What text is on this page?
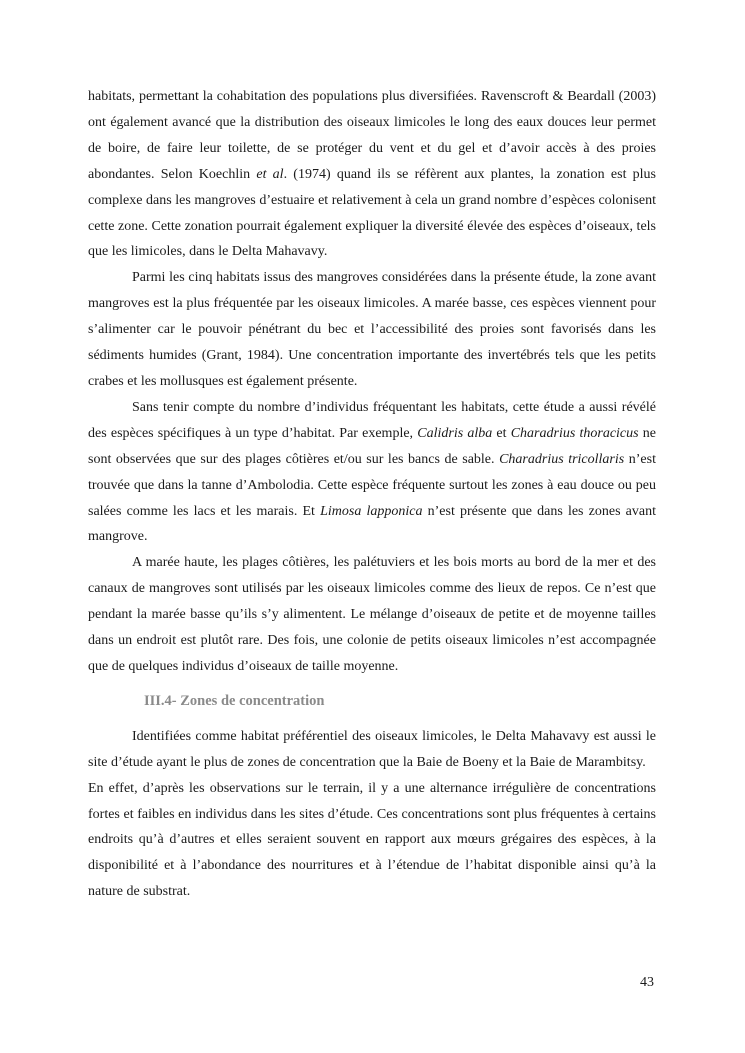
habitats, permettant la cohabitation des populations plus diversifiées. Ravenscroft & Beardall (2003) ont également avancé que la distribution des oiseaux limicoles le long des eaux douces leur permet de boire, de faire leur toilette, de se protéger du vent et du gel et d’avoir accès à des proies abondantes. Selon Koechlin et al. (1974) quand ils se réfèrent aux plantes, la zonation est plus complexe dans les mangroves d’estuaire et relativement à cela un grand nombre d’espèces colonisent cette zone. Cette zonation pourrait également expliquer la diversité élevée des espèces d’oiseaux, tels que les limicoles, dans le Delta Mahavavy.

Parmi les cinq habitats issus des mangroves considérées dans la présente étude, la zone avant mangroves est la plus fréquentée par les oiseaux limicoles. A marée basse, ces espèces viennent pour s’alimenter car le pouvoir pénétrant du bec et l’accessibilité des proies sont favorisés dans les sédiments humides (Grant, 1984). Une concentration importante des invertébrés tels que les petits crabes et les mollusques est également présente.

Sans tenir compte du nombre d’individus fréquentant les habitats, cette étude a aussi révélé des espèces spécifiques à un type d’habitat. Par exemple, Calidris alba et Charadrius thoracicus ne sont observées que sur des plages côtières et/ou sur les bancs de sable. Charadrius tricollaris n’est trouvée que dans la tanne d’Ambolodia. Cette espèce fréquente surtout les zones à eau douce ou peu salées comme les lacs et les marais. Et Limosa lapponica n’est présente que dans les zones avant mangrove.

A marée haute, les plages côtières, les palétuviers et les bois morts au bord de la mer et des canaux de mangroves sont utilisés par les oiseaux limicoles comme des lieux de repos. Ce n’est que pendant la marée basse qu’ils s’y alimentent. Le mélange d’oiseaux de petite et de moyenne tailles dans un endroit est plutôt rare. Des fois, une colonie de petits oiseaux limicoles n’est accompagnée que de quelques individus d’oiseaux de taille moyenne.

III.4- Zones de concentration

Identifiées comme habitat préférentiel des oiseaux limicoles, le Delta Mahavavy est aussi le site d’étude ayant le plus de zones de concentration que la Baie de Boeny et la Baie de Marambitsy.

En effet, d’après les observations sur le terrain, il y a une alternance irrégulière de concentrations fortes et faibles en individus dans les sites d’étude. Ces concentrations sont plus fréquentes à certains endroits qu’à d’autres et elles seraient souvent en rapport aux mœurs grégaires des espèces, à la disponibilité et à l’abondance des nourritures et à l’étendue de l’habitat disponible ainsi qu’à la nature de substrat.

43
